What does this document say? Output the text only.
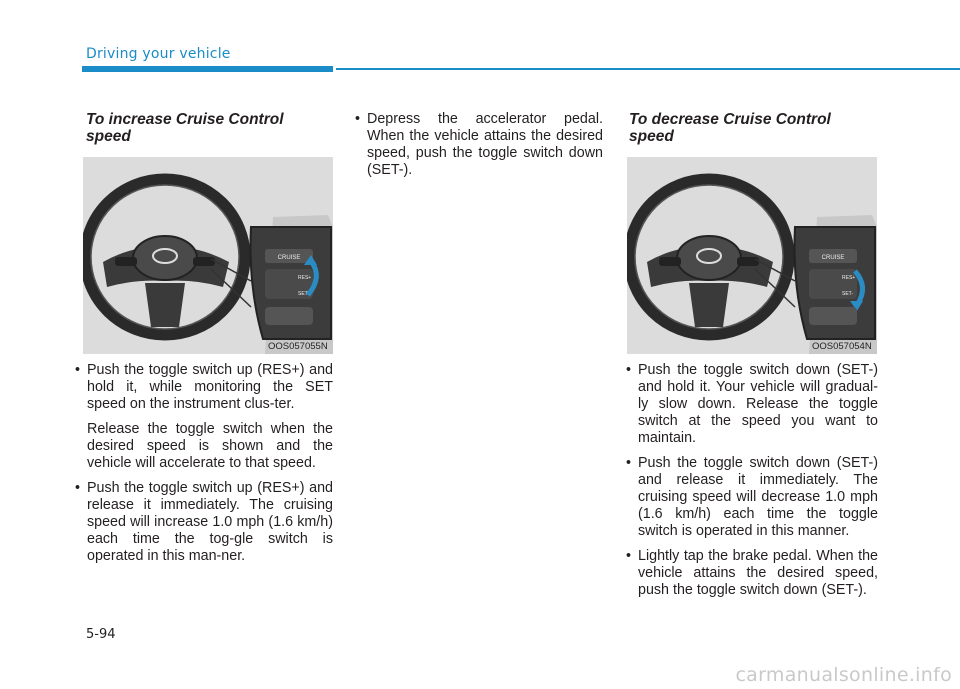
Driving your vehicle
To increase Cruise Control speed
CRUISE
RES+
SET-
OOS057055N
• Push the toggle switch up (RES+) and hold it, while monitoring the SET speed on the instrument clus-ter.
Release the toggle switch when the desired speed is shown and the vehicle will accelerate to that speed.
• Push the toggle switch up (RES+) and release it immediately. The cruising speed will increase 1.0 mph (1.6 km/h) each time the tog-gle switch is operated in this man-ner.
• Depress the accelerator pedal. When the vehicle attains the desired speed, push the toggle switch down (SET-).
To decrease Cruise Control speed
CRUISE
RES+
SET-
OOS057054N
• Push the toggle switch down (SET-) and hold it. Your vehicle will gradual-ly slow down. Release the toggle switch at the speed you want to maintain.
• Push the toggle switch down (SET-) and release it immediately. The cruising speed will decrease 1.0 mph (1.6 km/h) each time the toggle switch is operated in this manner.
• Lightly tap the brake pedal. When the vehicle attains the desired speed, push the toggle switch down (SET-).
5-94
carmanualsonline.info
